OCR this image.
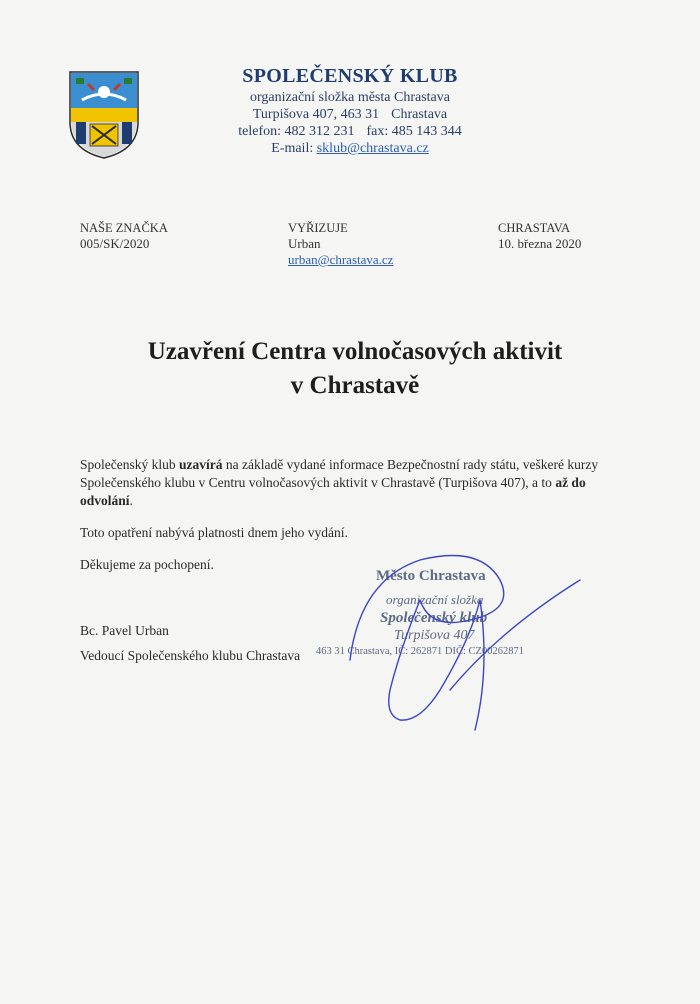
SPOLEČENSKÝ KLUB
organizační složka města Chrastava
Turpišova 407, 463 31 Chrastava
telefon: 482 312 231 fax: 485 143 344
E-mail: sklub@chrastava.cz
NAŠE ZNAČKA
005/SK/2020
VYŘIZUJE
Urban
urban@chrastava.cz
CHRASTAVA
10. března 2020
Uzavření Centra volnočasových aktivit
v Chrastavě

Společenský klub uzavírá na základě vydané informace Bezpečnostní rady státu, veškeré kurzy Společenského klubu v Centru volnočasových aktivit v Chrastavě (Turpišova 407), a to až do odvolání.

Toto opatření nabývá platnosti dnem jeho vydání.

Děkujeme za pochopení.

Bc. Pavel Urban
Vedoucí Společenského klubu Chrastava
Město Chrastava
organizační složka
Společenský klub
Turpišova 407
463 31 Chrastava, IČ: 262871 DIČ: CZ00262871
